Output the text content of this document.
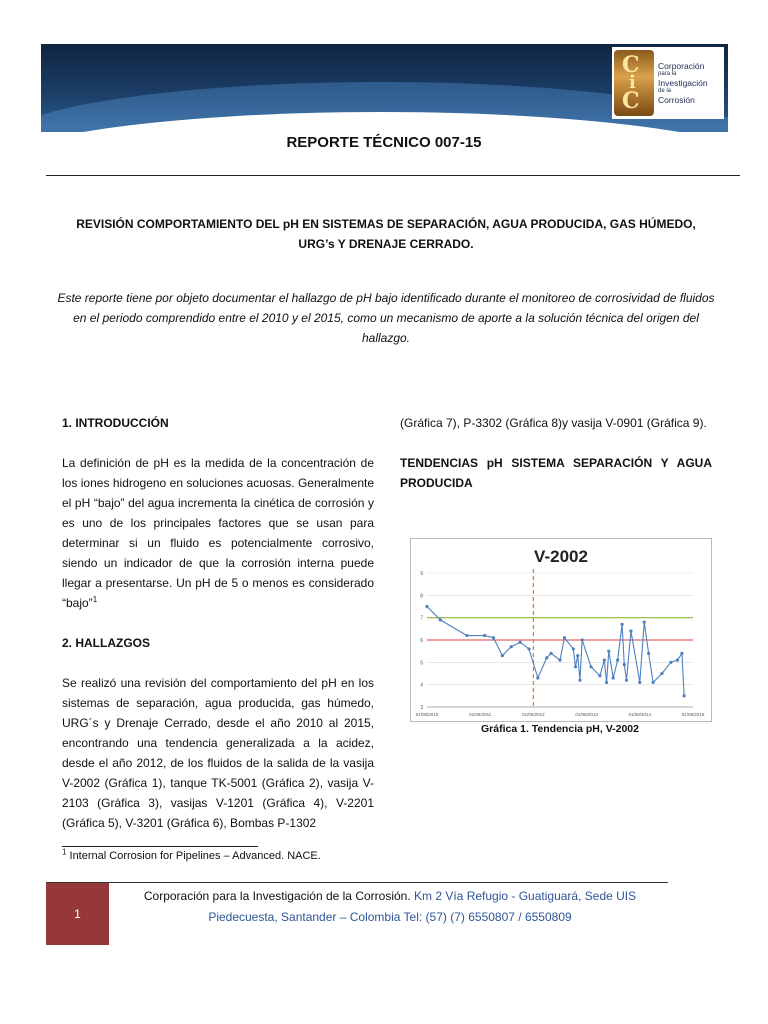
C
i
C
Corporación
para la
Investigación
de la
Corrosión
REPORTE TÉCNICO 007-15
REVISIÓN COMPORTAMIENTO DEL pH EN SISTEMAS DE SEPARACIÓN, AGUA PRODUCIDA, GAS HÚMEDO,
URG’s Y DRENAJE CERRADO.
Este reporte tiene por objeto documentar el hallazgo de pH bajo identificado durante el monitoreo de corrosividad de fluidos en el periodo comprendido entre el 2010 y el 2015, como un mecanismo de aporte a la solución técnica del origen del hallazgo.
1. INTRODUCCIÓN
La definición de pH es la medida de la concentración de los iones hidrogeno en soluciones acuosas. Generalmente el pH “bajo” del agua incrementa la cinética de corrosión y es uno de los principales factores que se usan para determinar si un fluido es potencialmente corrosivo, siendo un indicador de que la corrosión interna puede llegar a presentarse. Un pH de 5 o menos es considerado “bajo”$^1$
2. HALLAZGOS
Se realizó una revisión del comportamiento del pH en los sistemas de separación, agua producida, gas húmedo, URG´s y Drenaje Cerrado, desde el año 2010 al 2015, encontrando una tendencia generalizada a la acidez, desde el año 2012, de los fluidos de la salida de la vasija V-2002 (Gráfica 1), tanque TK-5001 (Gráfica 2), vasija V-2103 (Gráfica 3), vasijas V-1201 (Gráfica 4), V-2201 (Gráfica 5), V-3201 (Gráfica 6), Bombas P-1302
(Gráfica 7), P-3302 (Gráfica 8)y vasija V-0901 (Gráfica 9).
TENDENCIAS pH SISTEMA SEPARACIÓN Y AGUA PRODUCIDA
V-2002
3
4
5
6
7
8
9
01/08/2010	01/08/2011	01/08/2012	01/08/2013	01/08/2014	01/08/2015
Gráfica 1. Tendencia pH, V-2002
$^1$ Internal Corrosion for Pipelines – Advanced. NACE.
1
Corporación para la Investigación de la Corrosión. Km 2 Vía Refugio - Guatiguará, Sede UIS
Piedecuesta, Santander – Colombia Tel: (57) (7) 6550807 / 6550809
